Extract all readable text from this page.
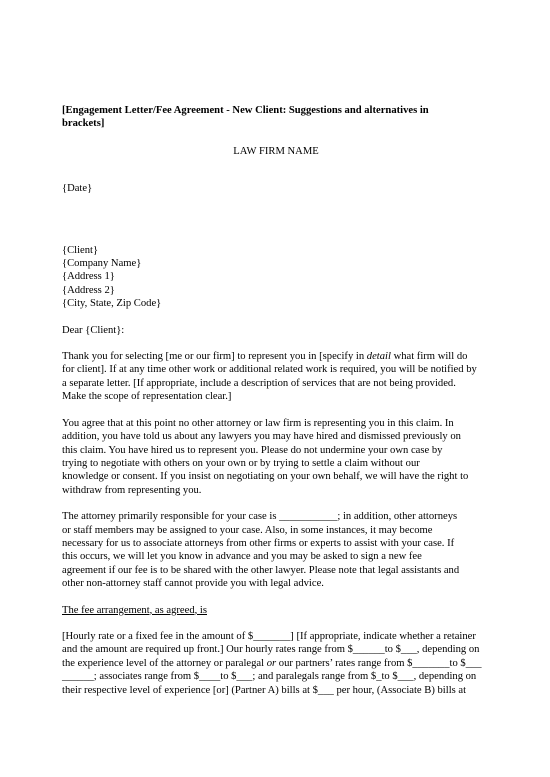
[Engagement Letter/Fee Agreement - New Client: Suggestions and alternatives in
brackets]

LAW FIRM NAME

{Date}

{Client}
{Company Name}
{Address 1}
{Address 2}
{City, State, Zip Code}

Dear {Client}:

Thank you for selecting [me or our firm] to represent you in [specify in detail what firm will do
for client]. If at any time other work or additional related work is required, you will be notified by
a separate letter. [If appropriate, include a description of services that are not being provided.
Make the scope of representation clear.]

You agree that at this point no other attorney or law firm is representing you in this claim. In
addition, you have told us about any lawyers you may have hired and dismissed previously on
this claim. You have hired us to represent you. Please do not undermine your own case by
trying to negotiate with others on your own or by trying to settle a claim without our
knowledge or consent. If you insist on negotiating on your own behalf, we will have the right to
withdraw from representing you.

The attorney primarily responsible for your case is ___________; in addition, other attorneys
or staff members may be assigned to your case. Also, in some instances, it may become
necessary for us to associate attorneys from other firms or experts to assist with your case. If
this occurs, we will let you know in advance and you may be asked to sign a new fee
agreement if our fee is to be shared with the other lawyer. Please note that legal assistants and
other non-attorney staff cannot provide you with legal advice.

The fee arrangement, as agreed, is

[Hourly rate or a fixed fee in the amount of $_______] [If appropriate, indicate whether a retainer
and the amount are required up front.] Our hourly rates range from $______to $___, depending on
the experience level of the attorney or paralegal or our partners’ rates range from $_______to $___
______; associates range from $____to $___; and paralegals range from $_to $___, depending on
their respective level of experience [or] (Partner A) bills at $___ per hour, (Associate B) bills at
